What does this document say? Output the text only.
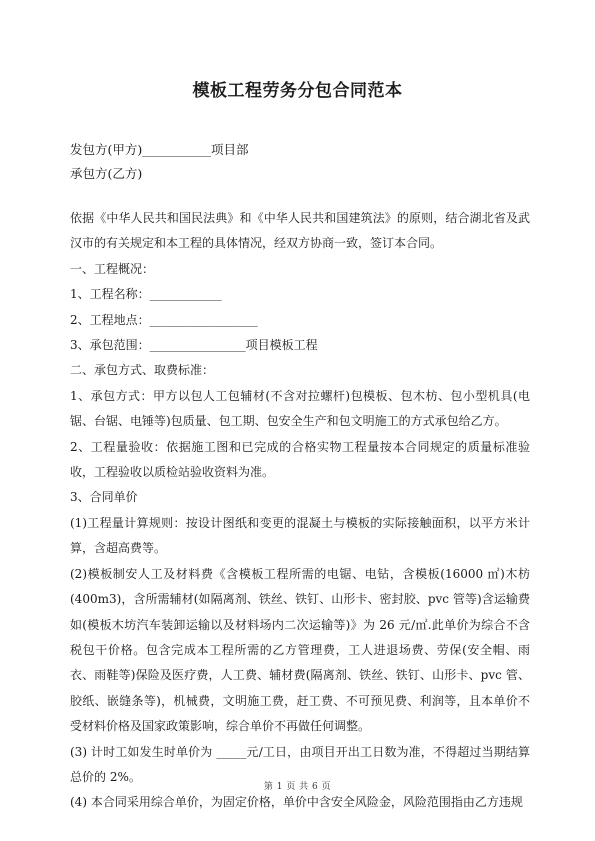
模板工程劳务分包合同范本
发包方(甲方)___________项目部
承包方(乙方)

依据《中华人民共和国民法典》和《中华人民共和国建筑法》的原则，结合湖北省及武汉市的有关规定和本工程的具体情况，经双方协商一致，签订本合同。

一、工程概况：

1、工程名称：____________

2、工程地点：__________________

3、承包范围：________________项目模板工程

二、承包方式、取费标准：

1、承包方式：甲方以包人工包辅材(不含对拉螺杆)包模板、包木枋、包小型机具(电锯、台锯、电锤等)包质量、包工期、包安全生产和包文明施工的方式承包给乙方。

2、工程量验收：依据施工图和已完成的合格实物工程量按本合同规定的质量标准验收，工程验收以质检站验收资料为准。

3、合同单价

(1)工程量计算规则：按设计图纸和变更的混凝土与模板的实际接触面积，以平方米计算，含超高费等。

(2)模板制安人工及材料费《含模板工程所需的电锯、电钻，含模板(16000 ㎡)木枋(400m3)，含所需辅材(如隔离剂、铁丝、铁钉、山形卡、密封胶、pvc 管等)含运输费如(模板木坊汽车装卸运输以及材料场内二次运输等)》为 26 元/㎡.此单价为综合不含税包干价格。包含完成本工程所需的乙方管理费，工人进退场费、劳保(安全帽、雨衣、雨鞋等)保险及医疗费，人工费、辅材费(隔离剂、铁丝、铁钉、山形卡、pvc 管、胶纸、嵌缝条等)，机械费，文明施工费，赶工费、不可预见费、利润等，且本单价不受材料价格及国家政策影响，综合单价不再做任何调整。

(3) 计时工如发生时单价为 _____元/工日，由项目开出工日数为准，不得超过当期结算总价的 2%。

(4) 本合同采用综合单价，为固定价格，单价中含安全风险金，风险范围指由乙方违规

第 1 页 共 6 页
